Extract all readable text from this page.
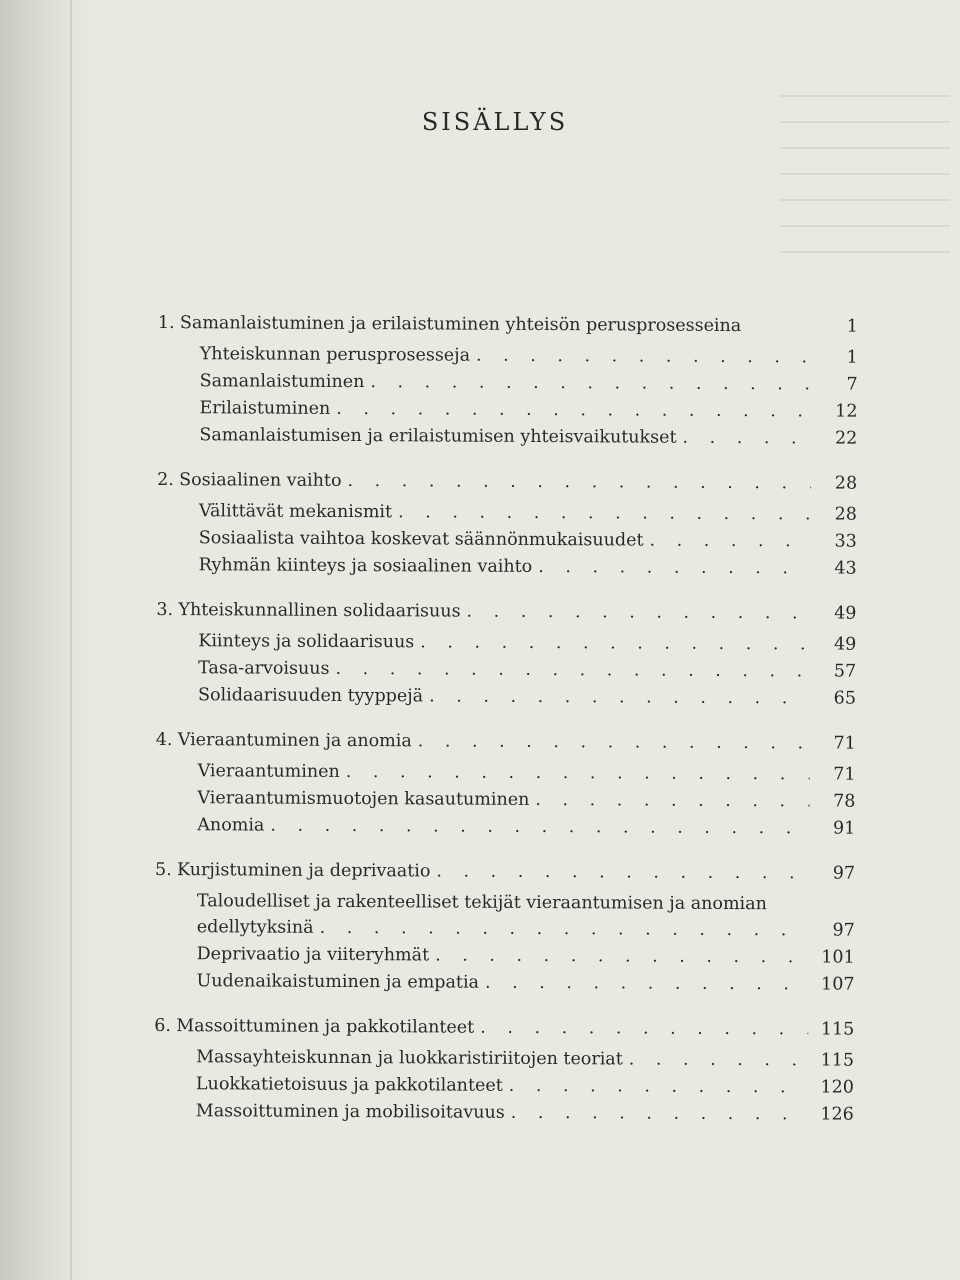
SISÄLLYS
1. Samanlaistuminen ja erilaistuminen yhteisön perusprosesseina	1
Yhteiskunnan perusprosesseja . . .	1
Samanlaistuminen . . .	7
Erilaistuminen . . .	12
Samanlaistumisen ja erilaistumisen yhteisvaikutukset . . .	22
2. Sosiaalinen vaihto . . .	28
Välittävät mekanismit . . .	28
Sosiaalista vaihtoa koskevat säännönmukaisuudet . . .	33
Ryhmän kiinteys ja sosiaalinen vaihto . . .	43
3. Yhteiskunnallinen solidaarisuus . . .	49
Kiinteys ja solidaarisuus . . .	49
Tasa-arvoisuus . . .	57
Solidaarisuuden tyyppejä . . .	65
4. Vieraantuminen ja anomia . . .	71
Vieraantuminen . . .	71
Vieraantumismuotojen kasautuminen . . .	78
Anomia . . .	91
5. Kurjistuminen ja deprivaatio . . .	97
Taloudelliset ja rakenteelliset tekijät vieraantumisen ja anomian
edellytyksinä . . .	97
Deprivaatio ja viiteryhmät . . .	101
Uudenaikaistuminen ja empatia . . .	107
6. Massoittuminen ja pakkotilanteet . . .	115
Massayhteiskunnan ja luokkaristiriitojen teoriat . . .	115
Luokkatietoisuus ja pakkotilanteet . . .	120
Massoittuminen ja mobilisoitavuus . . .	126
